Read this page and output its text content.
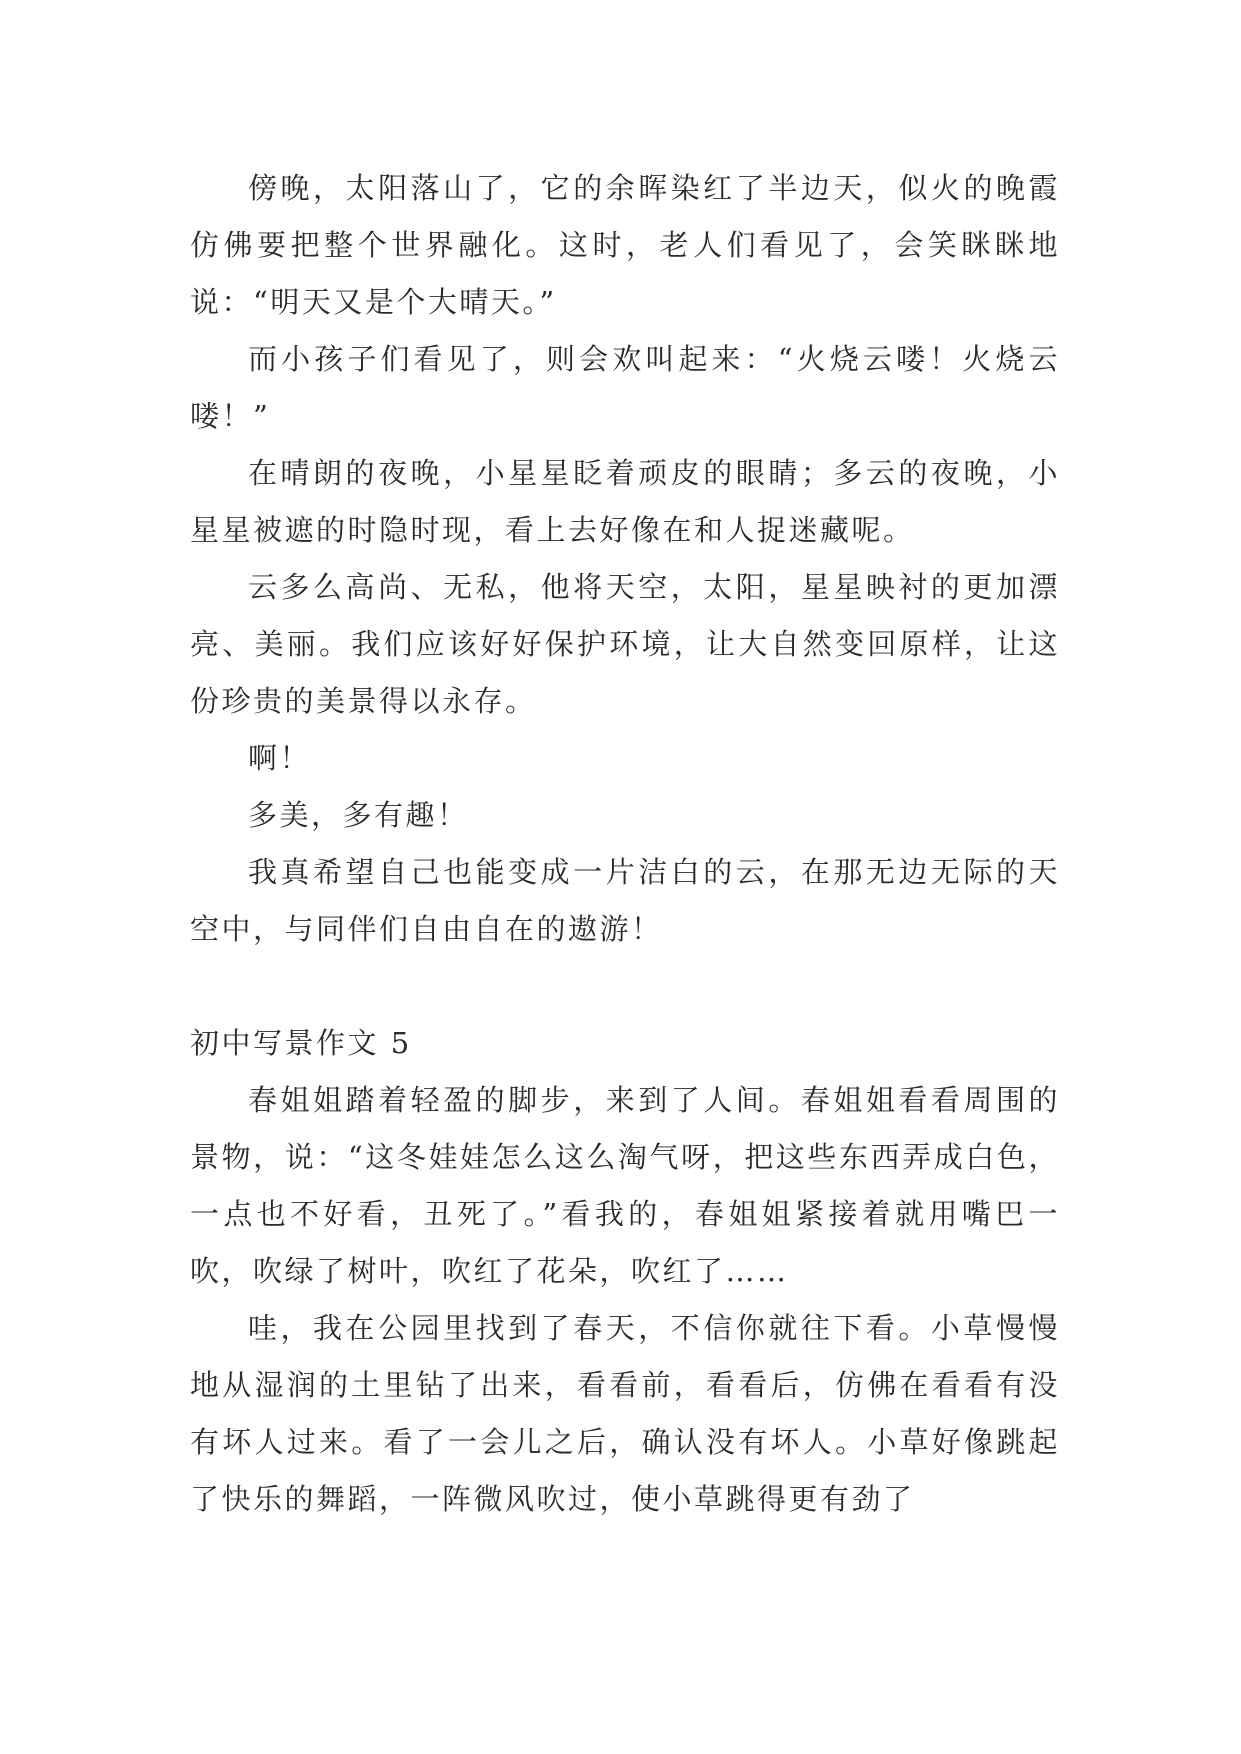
傍晚，太阳落山了，它的余晖染红了半边天，似火的晚霞仿佛要把整个世界融化。这时，老人们看见了，会笑眯眯地说：“明天又是个大晴天。”

而小孩子们看见了，则会欢叫起来：“火烧云喽！火烧云喽！”

在晴朗的夜晚，小星星眨着顽皮的眼睛；多云的夜晚，小星星被遮的时隐时现，看上去好像在和人捉迷藏呢。

云多么高尚、无私，他将天空，太阳，星星映衬的更加漂亮、美丽。我们应该好好保护环境，让大自然变回原样，让这份珍贵的美景得以永存。

啊！

多美，多有趣！

我真希望自己也能变成一片洁白的云，在那无边无际的天空中，与同伴们自由自在的遨游！

初中写景作文 5

春姐姐踏着轻盈的脚步，来到了人间。春姐姐看看周围的景物，说：“这冬娃娃怎么这么淘气呀，把这些东西弄成白色，一点也不好看，丑死了。”看我的，春姐姐紧接着就用嘴巴一吹，吹绿了树叶，吹红了花朵，吹红了……

哇，我在公园里找到了春天，不信你就往下看。小草慢慢地从湿润的土里钻了出来，看看前，看看后，仿佛在看看有没有坏人过来。看了一会儿之后，确认没有坏人。小草好像跳起了快乐的舞蹈，一阵微风吹过，使小草跳得更有劲了
